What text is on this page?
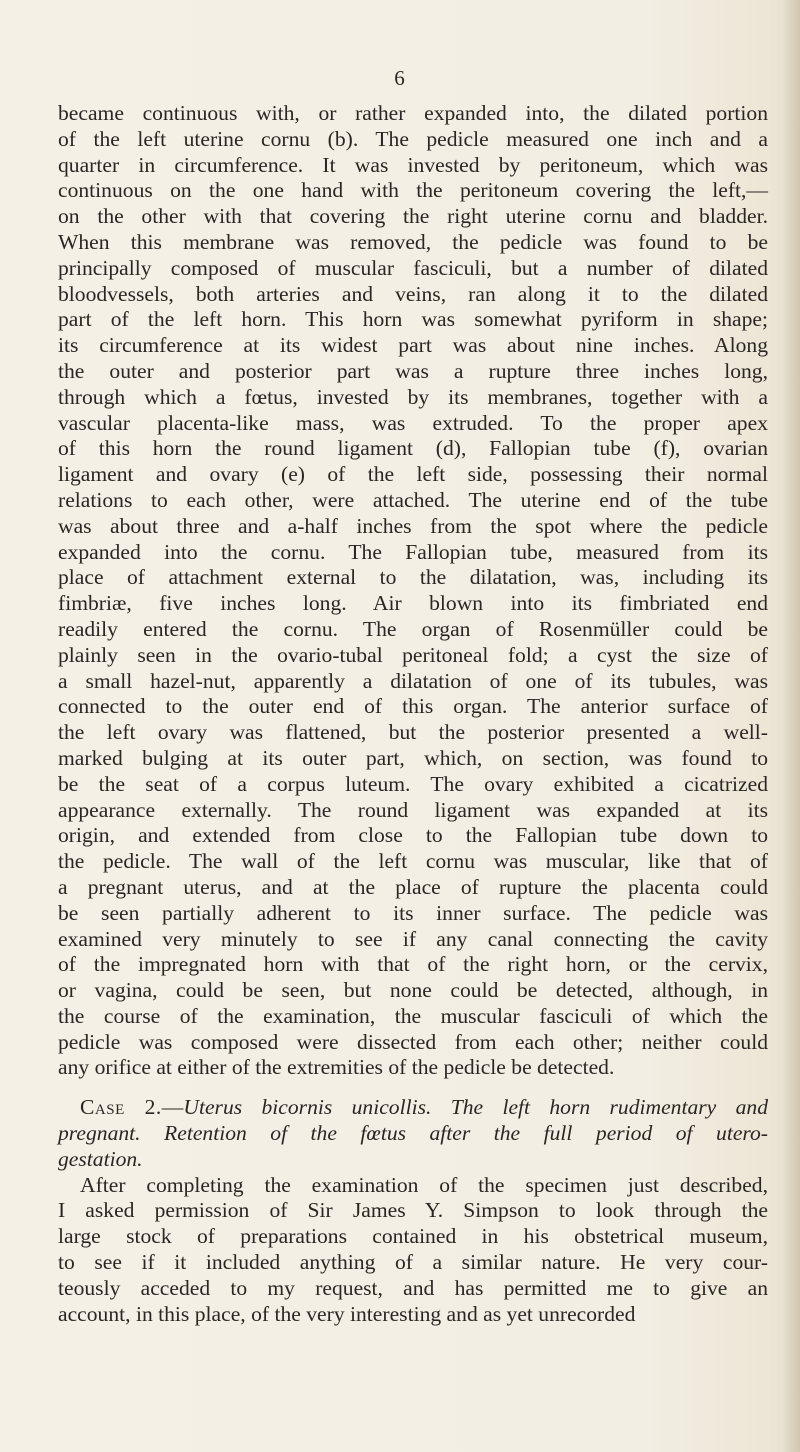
6
became continuous with, or rather expanded into, the dilated portion
of the left uterine cornu (b). The pedicle measured one inch and a
quarter in circumference. It was invested by peritoneum, which was
continuous on the one hand with the peritoneum covering the left,—
on the other with that covering the right uterine cornu and bladder.
When this membrane was removed, the pedicle was found to be
principally composed of muscular fasciculi, but a number of dilated
bloodvessels, both arteries and veins, ran along it to the dilated
part of the left horn. This horn was somewhat pyriform in shape;
its circumference at its widest part was about nine inches. Along
the outer and posterior part was a rupture three inches long,
through which a fœtus, invested by its membranes, together with a
vascular placenta-like mass, was extruded. To the proper apex
of this horn the round ligament (d), Fallopian tube (f), ovarian
ligament and ovary (e) of the left side, possessing their normal
relations to each other, were attached. The uterine end of the tube
was about three and a-half inches from the spot where the pedicle
expanded into the cornu. The Fallopian tube, measured from its
place of attachment external to the dilatation, was, including its
fimbriæ, five inches long. Air blown into its fimbriated end
readily entered the cornu. The organ of Rosenmüller could be
plainly seen in the ovario-tubal peritoneal fold; a cyst the size of
a small hazel-nut, apparently a dilatation of one of its tubules, was
connected to the outer end of this organ. The anterior surface of
the left ovary was flattened, but the posterior presented a well-
marked bulging at its outer part, which, on section, was found to
be the seat of a corpus luteum. The ovary exhibited a cicatrized
appearance externally. The round ligament was expanded at its
origin, and extended from close to the Fallopian tube down to
the pedicle. The wall of the left cornu was muscular, like that of
a pregnant uterus, and at the place of rupture the placenta could
be seen partially adherent to its inner surface. The pedicle was
examined very minutely to see if any canal connecting the cavity
of the impregnated horn with that of the right horn, or the cervix,
or vagina, could be seen, but none could be detected, although, in
the course of the examination, the muscular fasciculi of which the
pedicle was composed were dissected from each other; neither could
any orifice at either of the extremities of the pedicle be detected.
Case 2.—Uterus bicornis unicollis. The left horn rudimentary and
pregnant. Retention of the fœtus after the full period of utero-
gestation.
After completing the examination of the specimen just described,
I asked permission of Sir James Y. Simpson to look through the
large stock of preparations contained in his obstetrical museum,
to see if it included anything of a similar nature. He very cour-
teously acceded to my request, and has permitted me to give an
account, in this place, of the very interesting and as yet unrecorded
